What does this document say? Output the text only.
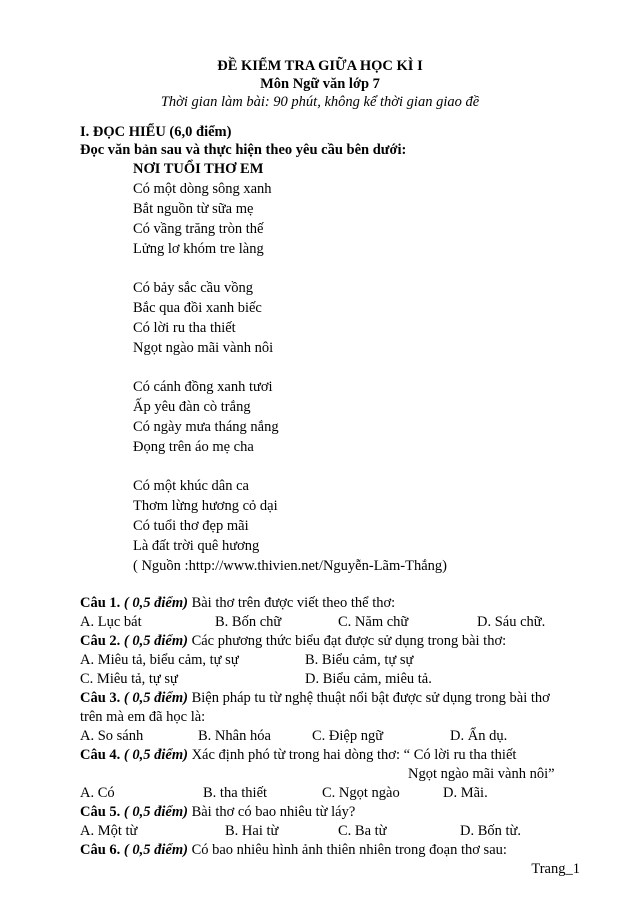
ĐỀ KIỂM TRA GIỮA HỌC KÌ I
Môn Ngữ văn lớp 7
Thời gian làm bài: 90 phút, không kể thời gian giao đề
I. ĐỌC HIỂU (6,0 điểm)
Đọc văn bản sau và thực hiện theo yêu cầu bên dưới:
NƠI TUỔI THƠ EM
Có một dòng sông xanh
Bắt nguồn từ sữa mẹ
Có vầng trăng tròn thế
Lửng lơ khóm tre làng
Có bảy sắc cầu vồng
Bắc qua đồi xanh biếc
Có lời ru tha thiết
Ngọt ngào mãi vành nôi
Có cánh đồng xanh tươi
Ấp yêu đàn cò trắng
Có ngày mưa tháng nắng
Đọng trên áo mẹ cha
Có một khúc dân ca
Thơm lừng hương cỏ dại
Có tuổi thơ đẹp mãi
Là đất trời quê hương
( Nguồn :http://www.thivien.net/Nguyễn-Lãm-Thắng)
Câu 1. ( 0,5 điểm) Bài thơ trên được viết theo thể thơ:
A. Lục bát	B. Bốn chữ	C. Năm chữ	D. Sáu chữ.
Câu 2. ( 0,5 điểm) Các phương thức biểu đạt được sử dụng trong bài thơ:
A. Miêu tả, biểu cảm, tự sự	B. Biểu cảm, tự sự
C. Miêu tả, tự sự	D. Biểu cảm, miêu tả.
Câu 3. ( 0,5 điểm) Biện pháp tu từ nghệ thuật nổi bật được sử dụng trong bài thơ
trên mà em đã học là:
A. So sánh	B. Nhân hóa	C. Điệp ngữ	D. Ẩn dụ.
Câu 4. ( 0,5 điểm) Xác định phó từ trong hai dòng thơ: “ Có lời ru tha thiết
Ngọt ngào mãi vành nôi”
A. Có	B. tha thiết	C. Ngọt ngào	D. Mãi.
Câu 5. ( 0,5 điểm) Bài thơ có bao nhiêu từ láy?
A. Một từ	B. Hai từ	C. Ba từ	D. Bốn từ.
Câu 6. ( 0,5 điểm) Có bao nhiêu hình ảnh thiên nhiên trong đoạn thơ sau:
Trang_1
